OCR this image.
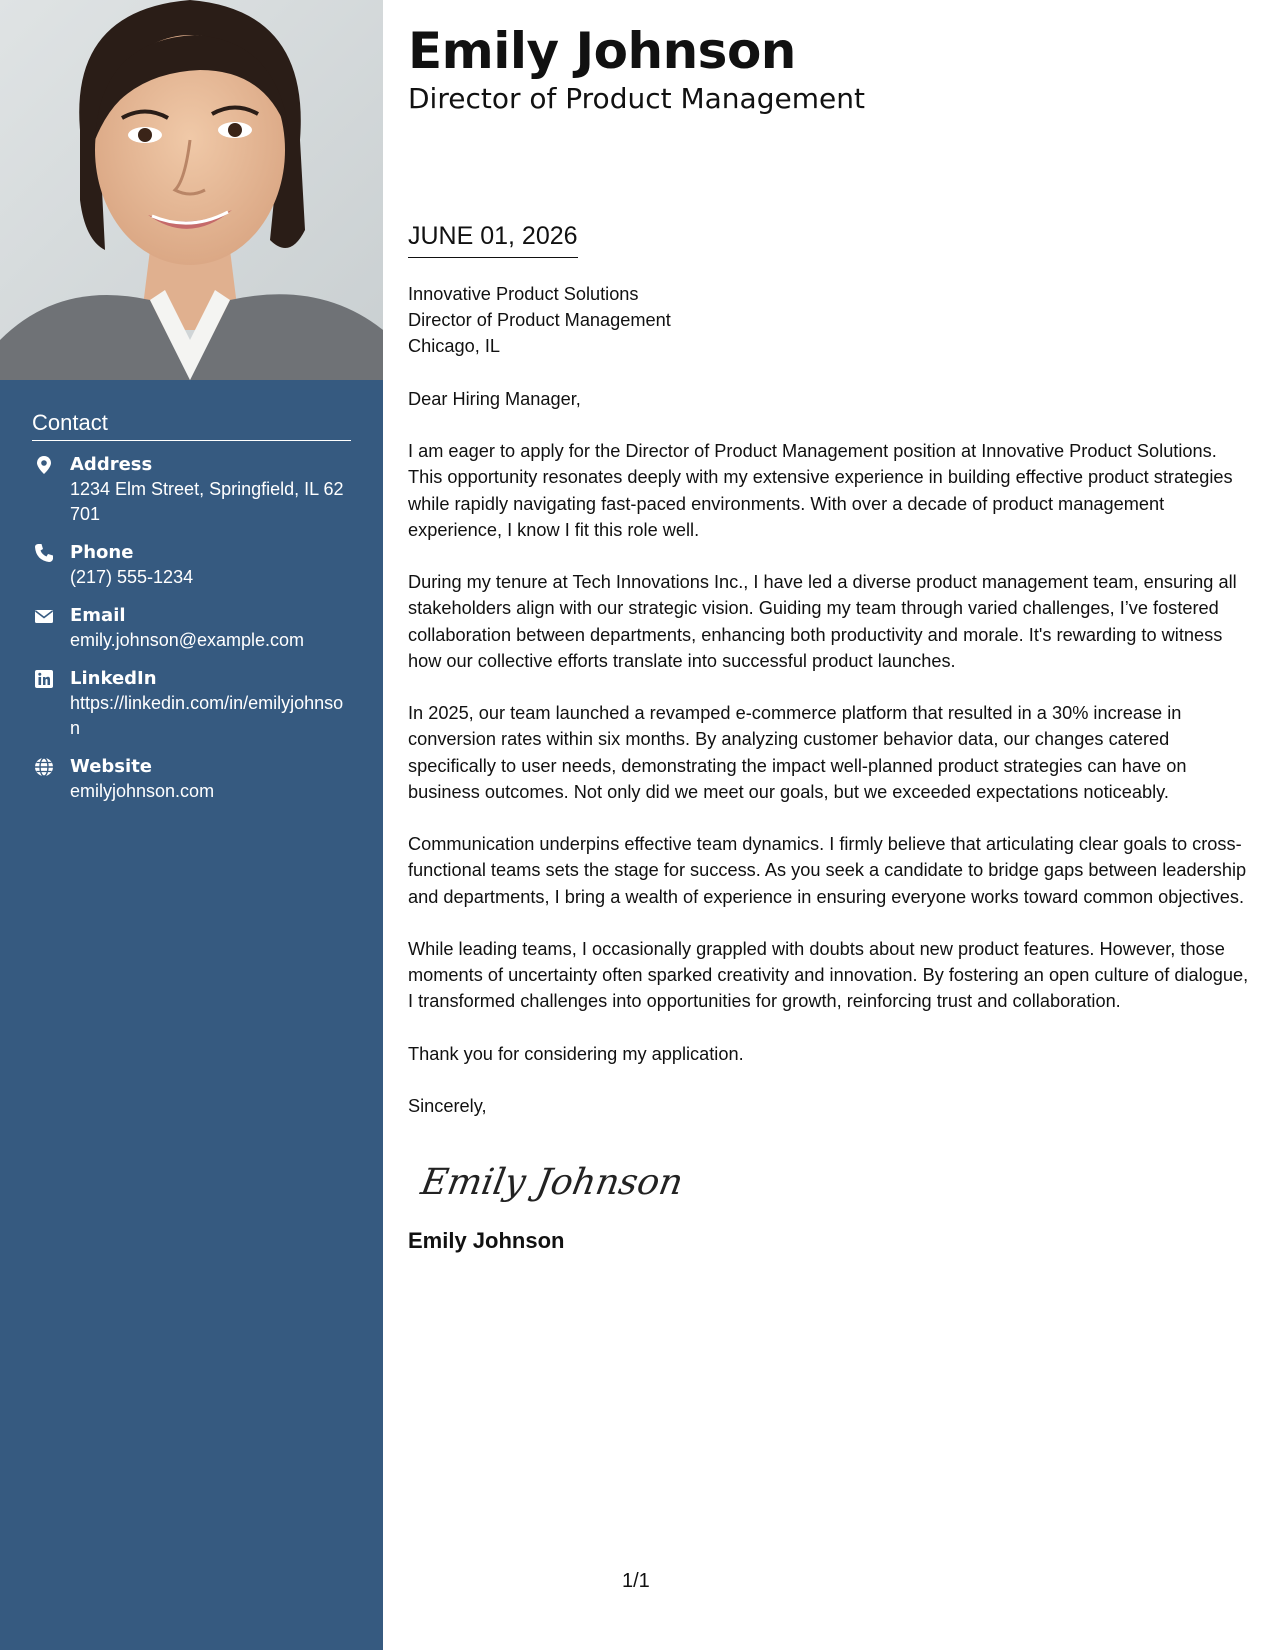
Contact
Address
1234 Elm Street, Springfield, IL 62701
Phone
(217) 555-1234
Email
emily.johnson@example.com
LinkedIn
https://linkedin.com/in/emilyjohnson
Website
emilyjohnson.com
Emily Johnson
Director of Product Management
JUNE 01, 2026

Innovative Product Solutions
Director of Product Management
Chicago, IL

Dear Hiring Manager,

I am eager to apply for the Director of Product Management position at Innovative Product Solutions. This opportunity resonates deeply with my extensive experience in building effective product strategies while rapidly navigating fast-paced environments. With over a decade of product management experience, I know I fit this role well.

During my tenure at Tech Innovations Inc., I have led a diverse product management team, ensuring all stakeholders align with our strategic vision. Guiding my team through varied challenges, I’ve fostered collaboration between departments, enhancing both productivity and morale. It's rewarding to witness how our collective efforts translate into successful product launches.

In 2025, our team launched a revamped e-commerce platform that resulted in a 30% increase in conversion rates within six months. By analyzing customer behavior data, our changes catered specifically to user needs, demonstrating the impact well-planned product strategies can have on business outcomes. Not only did we meet our goals, but we exceeded expectations noticeably.

Communication underpins effective team dynamics. I firmly believe that articulating clear goals to cross-functional teams sets the stage for success. As you seek a candidate to bridge gaps between leadership and departments, I bring a wealth of experience in ensuring everyone works toward common objectives.

While leading teams, I occasionally grappled with doubts about new product features. However, those moments of uncertainty often sparked creativity and innovation. By fostering an open culture of dialogue, I transformed challenges into opportunities for growth, reinforcing trust and collaboration.

Thank you for considering my application.

Sincerely,

Emily Johnson
Emily Johnson
1/1
